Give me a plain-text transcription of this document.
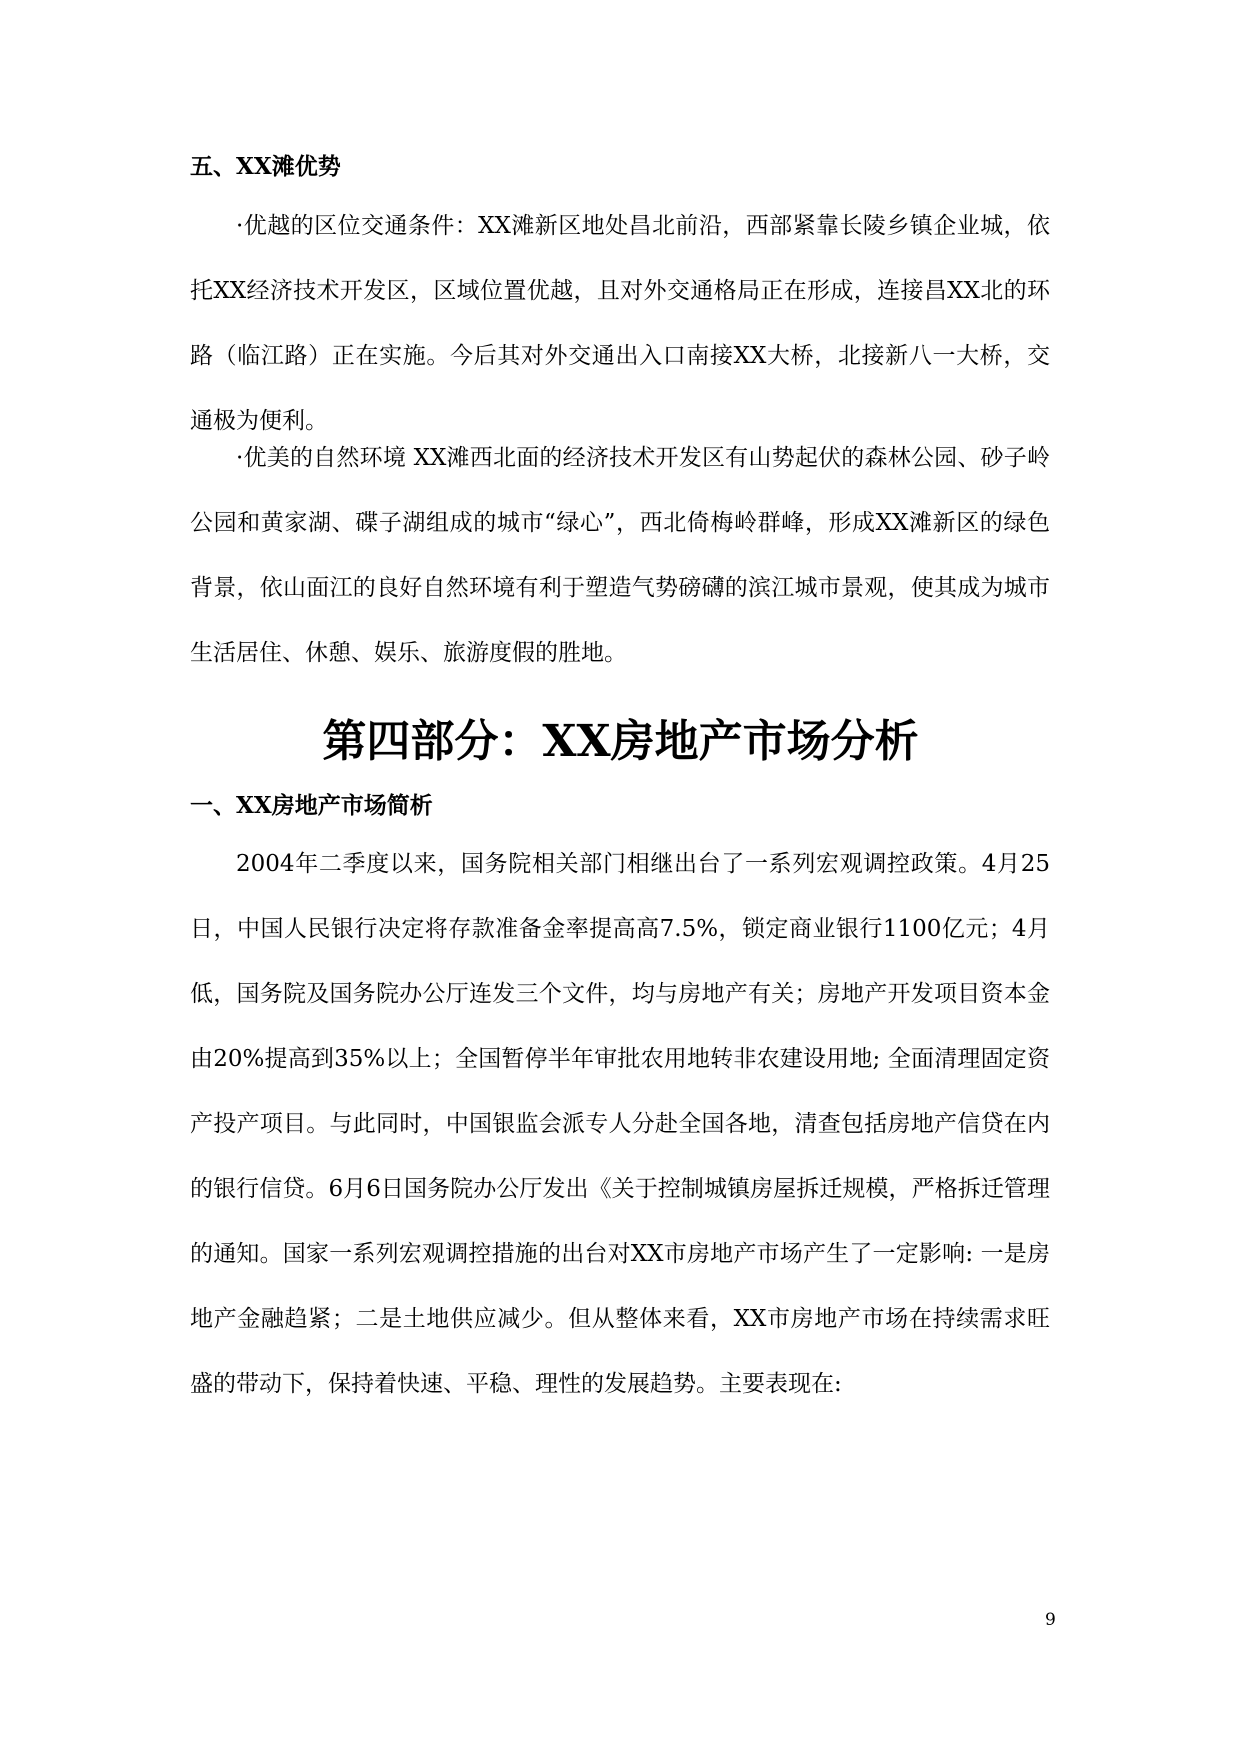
五、XX滩优势
·优越的区位交通条件：XX滩新区地处昌北前沿，西部紧靠长陵乡镇企业城，依托XX经济技术开发区，区域位置优越，且对外交通格局正在形成，连接昌XX北的环路（临江路）正在实施。今后其对外交通出入口南接XX大桥，北接新八一大桥，交通极为便利。
·优美的自然环境 XX滩西北面的经济技术开发区有山势起伏的森林公园、砂子岭公园和黄家湖、碟子湖组成的城市“绿心”，西北倚梅岭群峰，形成XX滩新区的绿色背景，依山面江的良好自然环境有利于塑造气势磅礴的滨江城市景观，使其成为城市生活居住、休憩、娱乐、旅游度假的胜地。
第四部分：XX房地产市场分析
一、XX房地产市场简析
2004年二季度以来，国务院相关部门相继出台了一系列宏观调控政策。4月25日，中国人民银行决定将存款准备金率提高高7.5%，锁定商业银行1100亿元；4月低，国务院及国务院办公厅连发三个文件，均与房地产有关；房地产开发项目资本金由20%提高到35%以上；全国暂停半年审批农用地转非农建设用地; 全面清理固定资产投产项目。与此同时，中国银监会派专人分赴全国各地，清查包括房地产信贷在内的银行信贷。6月6日国务院办公厅发出《关于控制城镇房屋拆迁规模，严格拆迁管理的通知。国家一系列宏观调控措施的出台对XX市房地产市场产生了一定影响: 一是房地产金融趋紧；二是土地供应减少。但从整体来看，XX市房地产市场在持续需求旺盛的带动下，保持着快速、平稳、理性的发展趋势。主要表现在:
9
